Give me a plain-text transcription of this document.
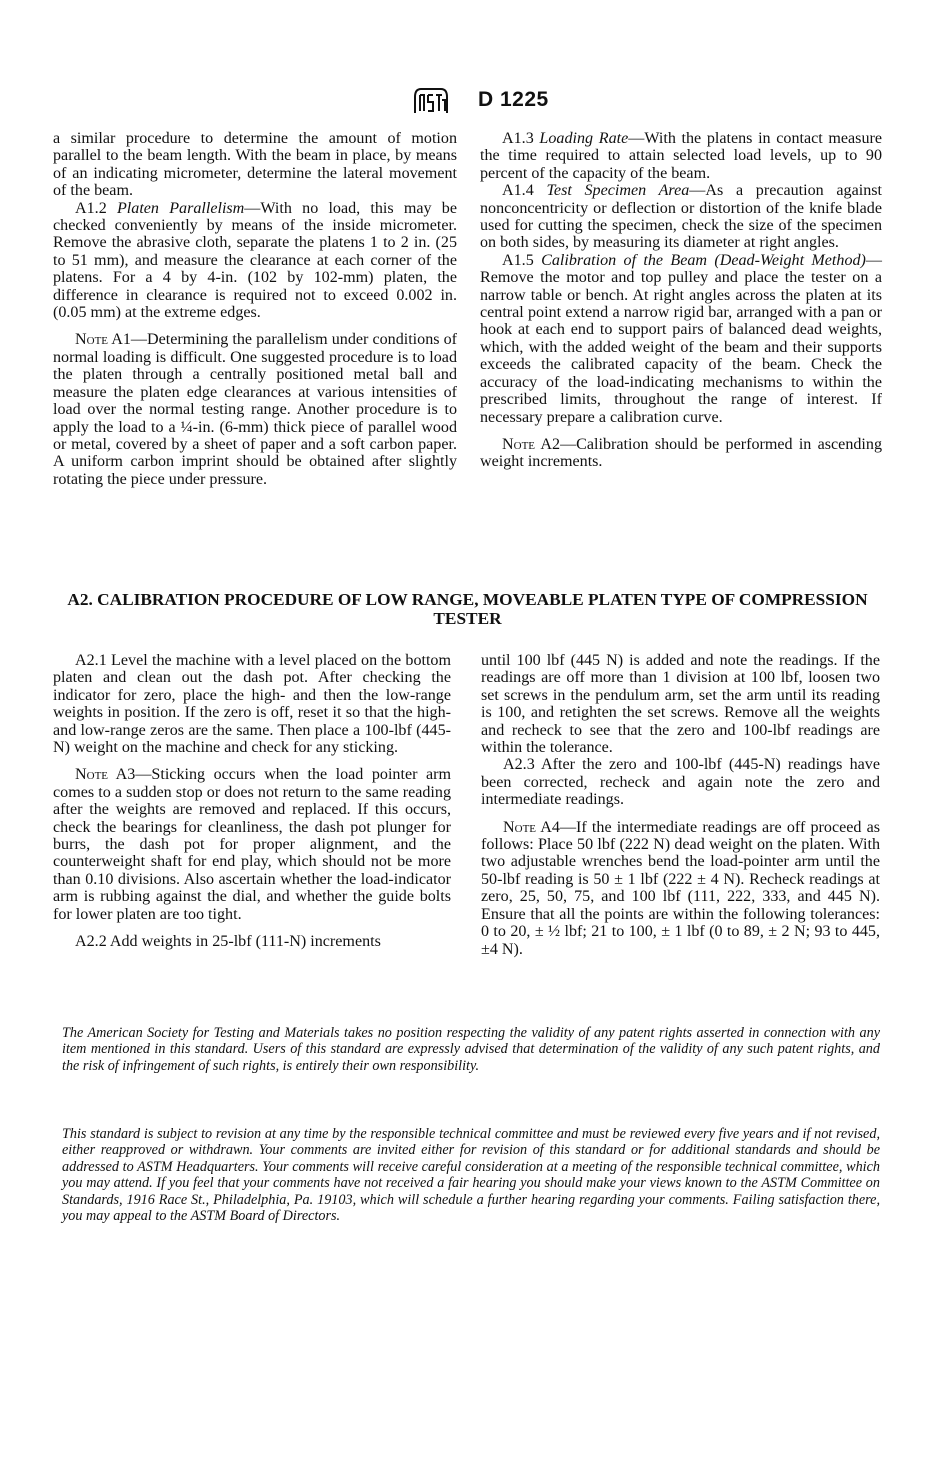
D 1225

a similar procedure to determine the amount of motion parallel to the beam length. With the beam in place, by means of an indicating micrometer, determine the lateral movement of the beam.

A1.2 Platen Parallelism—With no load, this may be checked conveniently by means of the inside micrometer. Remove the abrasive cloth, separate the platens 1 to 2 in. (25 to 51 mm), and measure the clearance at each corner of the platens. For a 4 by 4-in. (102 by 102-mm) platen, the difference in clearance is required not to exceed 0.002 in. (0.05 mm) at the extreme edges.

Note A1—Determining the parallelism under conditions of normal loading is difficult. One suggested procedure is to load the platen through a centrally positioned metal ball and measure the platen edge clearances at various intensities of load over the normal testing range. Another procedure is to apply the load to a ¼-in. (6-mm) thick piece of parallel wood or metal, covered by a sheet of paper and a soft carbon paper. A uniform carbon imprint should be obtained after slightly rotating the piece under pressure.

A1.3 Loading Rate—With the platens in contact measure the time required to attain selected load levels, up to 90 percent of the capacity of the beam.

A1.4 Test Specimen Area—As a precaution against nonconcentricity or deflection or distortion of the knife blade used for cutting the specimen, check the size of the specimen on both sides, by measuring its diameter at right angles.

A1.5 Calibration of the Beam (Dead-Weight Method)—Remove the motor and top pulley and place the tester on a narrow table or bench. At right angles across the platen at its central point extend a narrow rigid bar, arranged with a pan or hook at each end to support pairs of balanced dead weights, which, with the added weight of the beam and their supports exceeds the calibrated capacity of the beam. Check the accuracy of the load-indicating mechanisms to within the prescribed limits, throughout the range of interest. If necessary prepare a calibration curve.

Note A2—Calibration should be performed in ascending weight increments.

A2. CALIBRATION PROCEDURE OF LOW RANGE, MOVEABLE PLATEN TYPE OF COMPRESSION TESTER

A2.1 Level the machine with a level placed on the bottom platen and clean out the dash pot. After checking the indicator for zero, place the high- and then the low-range weights in position. If the zero is off, reset it so that the high- and low-range zeros are the same. Then place a 100-lbf (445-N) weight on the machine and check for any sticking.

Note A3—Sticking occurs when the load pointer arm comes to a sudden stop or does not return to the same reading after the weights are removed and replaced. If this occurs, check the bearings for cleanliness, the dash pot plunger for burrs, the dash pot for proper alignment, and the counterweight shaft for end play, which should not be more than 0.10 divisions. Also ascertain whether the load-indicator arm is rubbing against the dial, and whether the guide bolts for lower platen are too tight.

A2.2 Add weights in 25-lbf (111-N) increments

until 100 lbf (445 N) is added and note the readings. If the readings are off more than 1 division at 100 lbf, loosen two set screws in the pendulum arm, set the arm until its reading is 100, and retighten the set screws. Remove all the weights and recheck to see that the zero and 100-lbf readings are within the tolerance.

A2.3 After the zero and 100-lbf (445-N) readings have been corrected, recheck and again note the zero and intermediate readings.

Note A4—If the intermediate readings are off proceed as follows: Place 50 lbf (222 N) dead weight on the platen. With two adjustable wrenches bend the load-pointer arm until the 50-lbf reading is 50 ± 1 lbf (222 ± 4 N). Recheck readings at zero, 25, 50, 75, and 100 lbf (111, 222, 333, and 445 N). Ensure that all the points are within the following tolerances: 0 to 20, ± ½ lbf; 21 to 100, ± 1 lbf (0 to 89, ± 2 N; 93 to 445, ±4 N).

The American Society for Testing and Materials takes no position respecting the validity of any patent rights asserted in connection with any item mentioned in this standard. Users of this standard are expressly advised that determination of the validity of any such patent rights, and the risk of infringement of such rights, is entirely their own responsibility.
This standard is subject to revision at any time by the responsible technical committee and must be reviewed every five years and if not revised, either reapproved or withdrawn. Your comments are invited either for revision of this standard or for additional standards and should be addressed to ASTM Headquarters. Your comments will receive careful consideration at a meeting of the responsible technical committee, which you may attend. If you feel that your comments have not received a fair hearing you should make your views known to the ASTM Committee on Standards, 1916 Race St., Philadelphia, Pa. 19103, which will schedule a further hearing regarding your comments. Failing satisfaction there, you may appeal to the ASTM Board of Directors.
